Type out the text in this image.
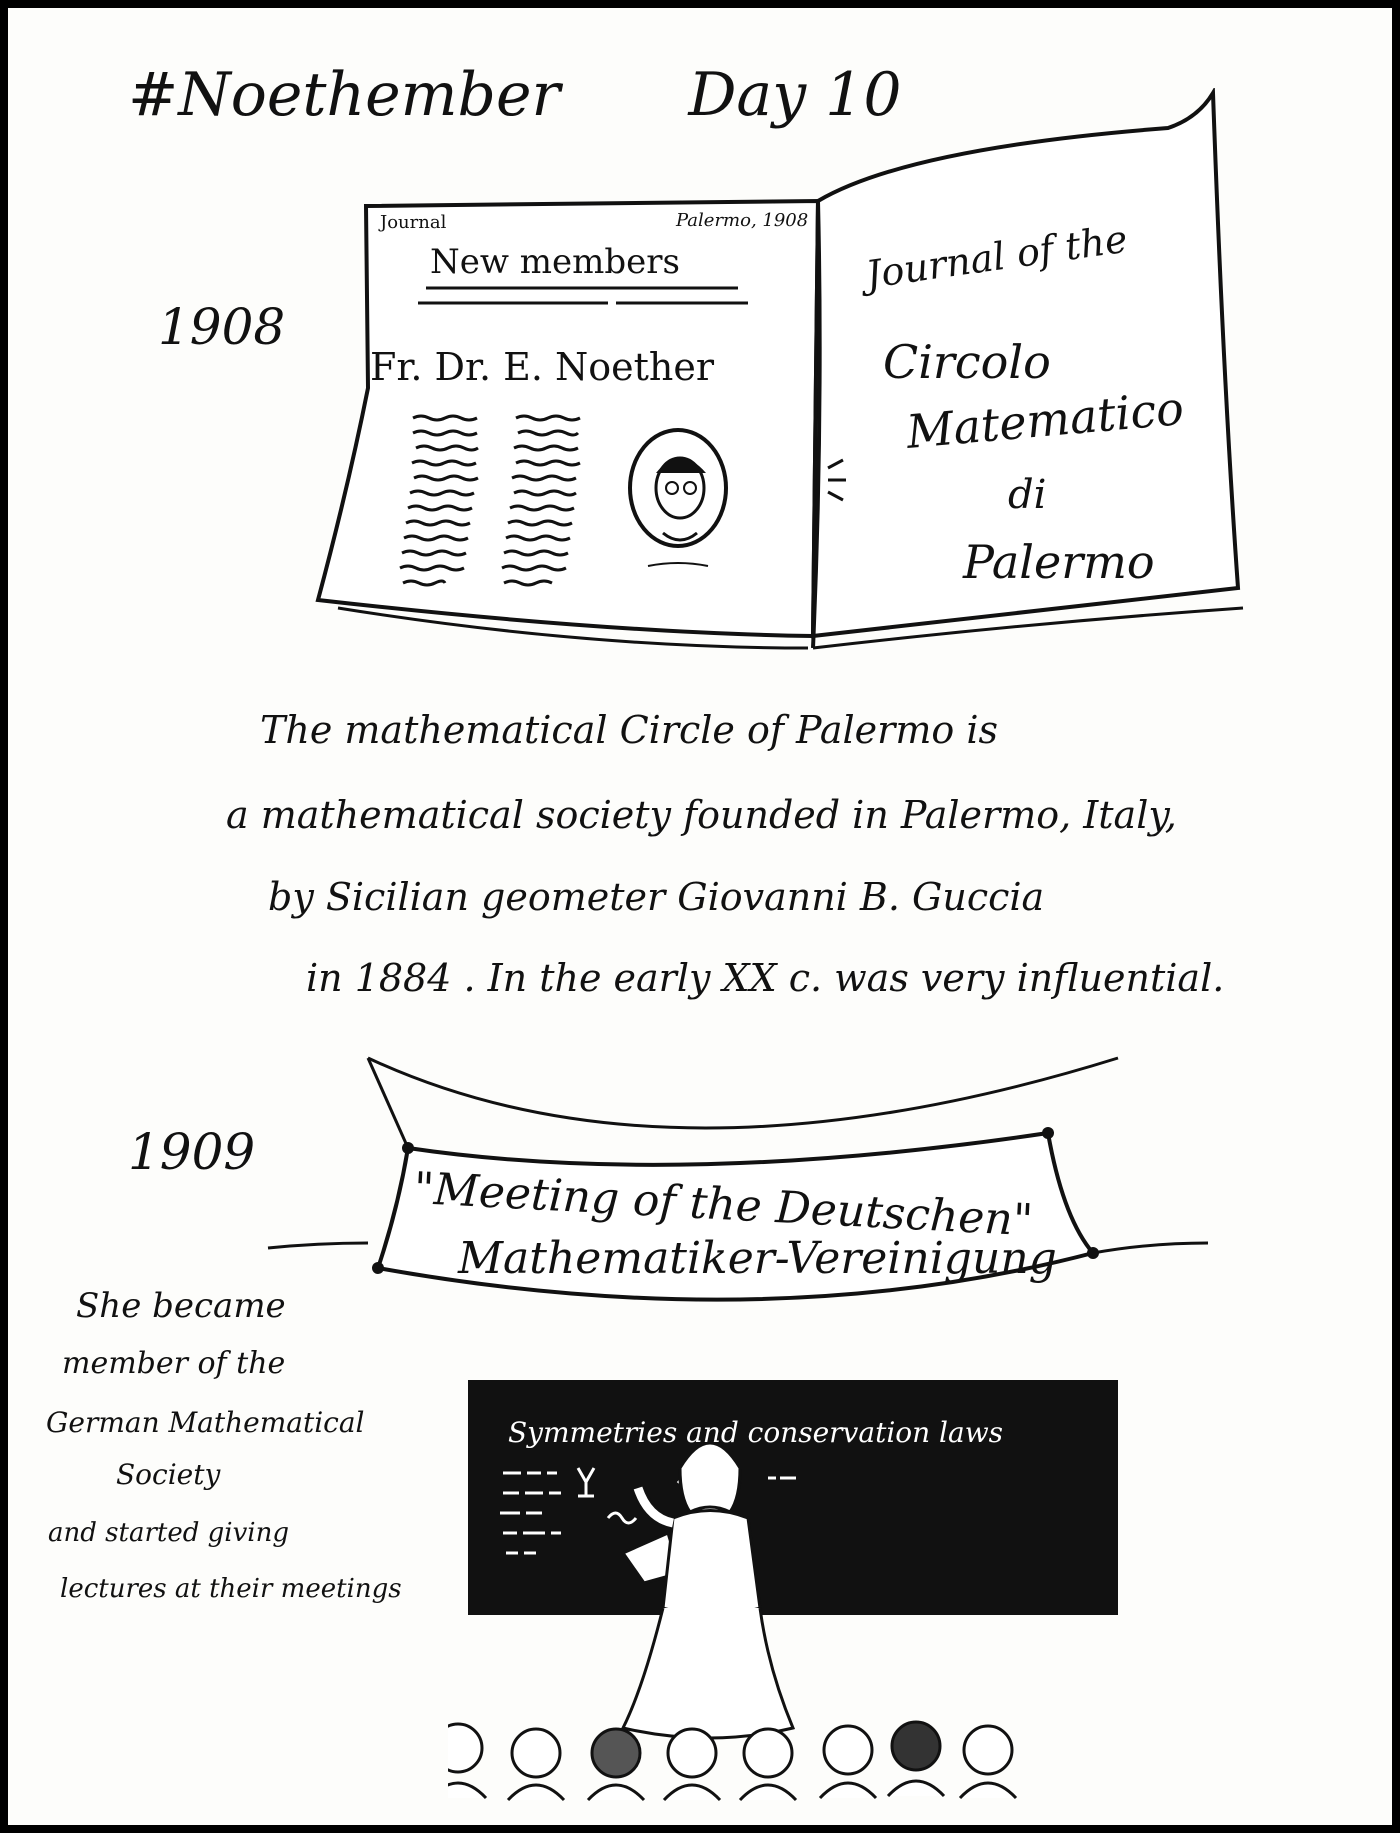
#Noethember Day 10
1908
Journal	Palermo, 1908
New members
Fr. Dr. E. Noether
Journal of the
Circolo
Matematico
di
Palermo
The mathematical Circle of Palermo is
a mathematical society founded in Palermo, Italy,
by Sicilian geometer Giovanni B. Guccia
in 1884 . In the early XX c. was very influential.
1909
"Meeting of the Deutschen"
Mathematiker-Vereinigung
She became
member of the
German Mathematical
Society
and started giving
lectures at their meetings
Symmetries and conservation laws
